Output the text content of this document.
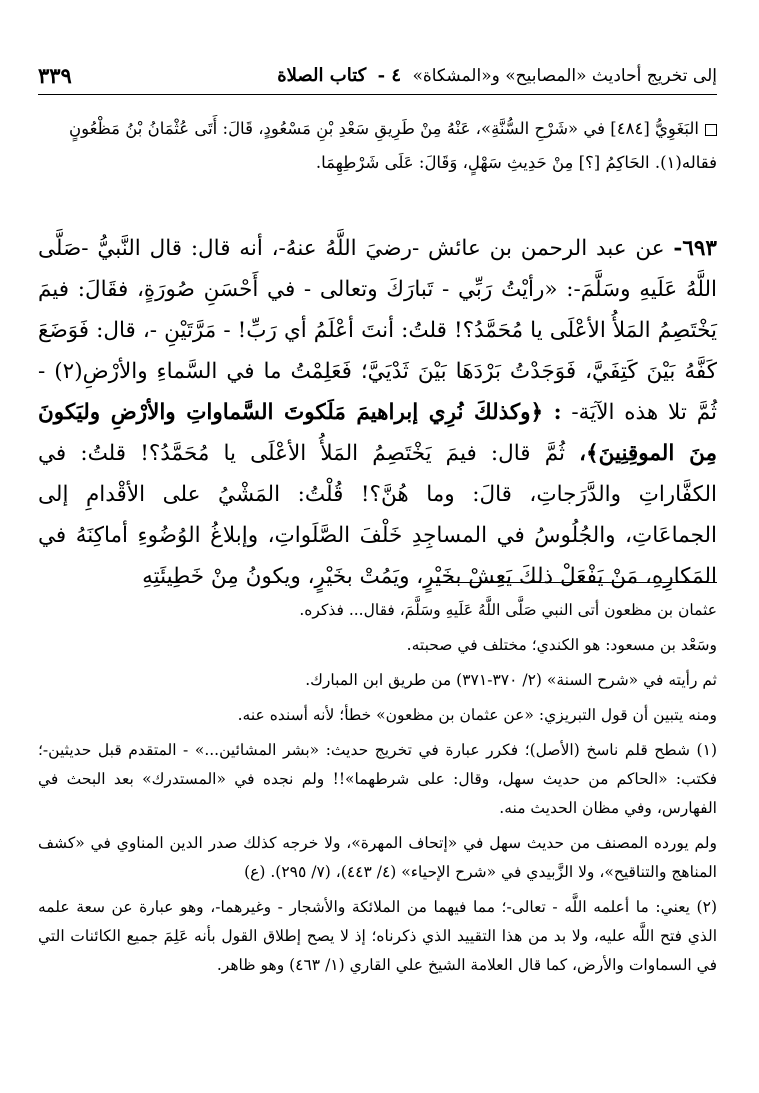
إلى تخريج أحاديث «المصابيح» و«المشكاة» ٤ - كتاب الصلاة
٣٣٩
البَغَوِيُّ [٤٨٤] في «شَرْحِ السُّنَّةِ»، عَنْهُ مِنْ طَرِيقِ سَعْدِ بْنِ مَسْعُودٍ، قَالَ: أَتَى عُثْمَانُ بْنُ مَظْعُونٍ
فقاله(١). الحَاكِمُ [؟] مِنْ حَدِيثِ سَهْلٍ، وَقَالَ: عَلَى شَرْطِهِمَا.
٦٩٣- عن عبد الرحمن بن عائش -رضيَ اللَّهُ عنهُ-، أنه قال: قال النَّبيُّ -صَلَّى اللَّهُ عَلَيهِ وسَلَّمَ-: «رأيْتُ رَبِّي - تَبارَكَ وتعالى - في أَحْسَنِ صُورَةٍ، فقَالَ: فيمَ يَخْتَصِمُ المَلأُ الأعْلَى يا مُحَمَّدُ؟! قلتُ: أنتَ أعْلَمُ أي رَبِّ! - مَرَّتَيْنِ -، قال: فَوَضَعَ كَفَّهُ بَيْنَ كَتِفَيَّ، فَوَجَدْتُ بَرْدَهَا بَيْنَ ثَدْيَيَّ؛ فَعَلِمْتُ ما في السَّماءِ والأرْضِ(٢) - ثُمَّ تلا هذه الآيَة- : ﴿وكذلكَ نُرِي إبراهيمَ مَلَكوتَ السَّماواتِ والأرْضِ وليَكونَ مِنَ الموقِنِينَ﴾، ثُمَّ قال: فيمَ يَخْتَصِمُ المَلأُ الأعْلَى يا مُحَمَّدُ؟! قلتُ: في الكفَّاراتِ والدَّرَجاتِ، قالَ: وما هُنَّ؟! قُلْتُ: المَشْيُ على الأقْدامِ إلى الجماعَاتِ، والجُلُوسُ في المساجِدِ خَلْفَ الصَّلَواتِ، وإبلاغُ الوُضُوءِ أماكِنَهُ في المَكارِهِ، مَنْ يَفْعَلْ ذلكَ يَعِشْ بخَيْرٍ، ويَمُتْ بخَيْرٍ، ويكونُ مِنْ خَطِيئَتِهِ

عثمان بن مظعون أتى النبي صَلَّى اللَّهُ عَلَيهِ وسَلَّمَ، فقال... فذكره.

وسَعْد بن مسعود: هو الكندي؛ مختلف في صحبته.

ثم رأيته في «شرح السنة» (٢/ ٣٧٠-٣٧١) من طريق ابن المبارك.

ومنه يتبين أن قول التبريزي: «عن عثمان بن مظعون» خطأ؛ لأنه أسنده عنه.

(١) شطح قلم ناسخ (الأصل)؛ فكرر عبارة في تخريج حديث: «بشر المشائين...» - المتقدم قبل حديثين-؛ فكتب: «الحاكم من حديث سهل، وقال: على شرطهما»!! ولم نجده في «المستدرك» بعد البحث في الفهارس، وفي مظان الحديث منه.

ولم يورده المصنف من حديث سهل في «إتحاف المهرة»، ولا خرجه كذلك صدر الدين المناوي في «كشف المناهج والتناقيح»، ولا الزَّبيدي في «شرح الإحياء» (٤/ ٤٤٣)، (٧/ ٢٩٥). (ع)

(٢) يعني: ما أعلمه اللَّه - تعالى-؛ مما فيهما من الملائكة والأشجار - وغيرهما-، وهو عبارة عن سعة علمه الذي فتح اللَّه عليه، ولا بد من هذا التقييد الذي ذكرناه؛ إذ لا يصح إطلاق القول بأنه عَلِمَ جميع الكائنات التي في السماوات والأرض، كما قال العلامة الشيخ علي القاري (١/ ٤٦٣) وهو ظاهر.
